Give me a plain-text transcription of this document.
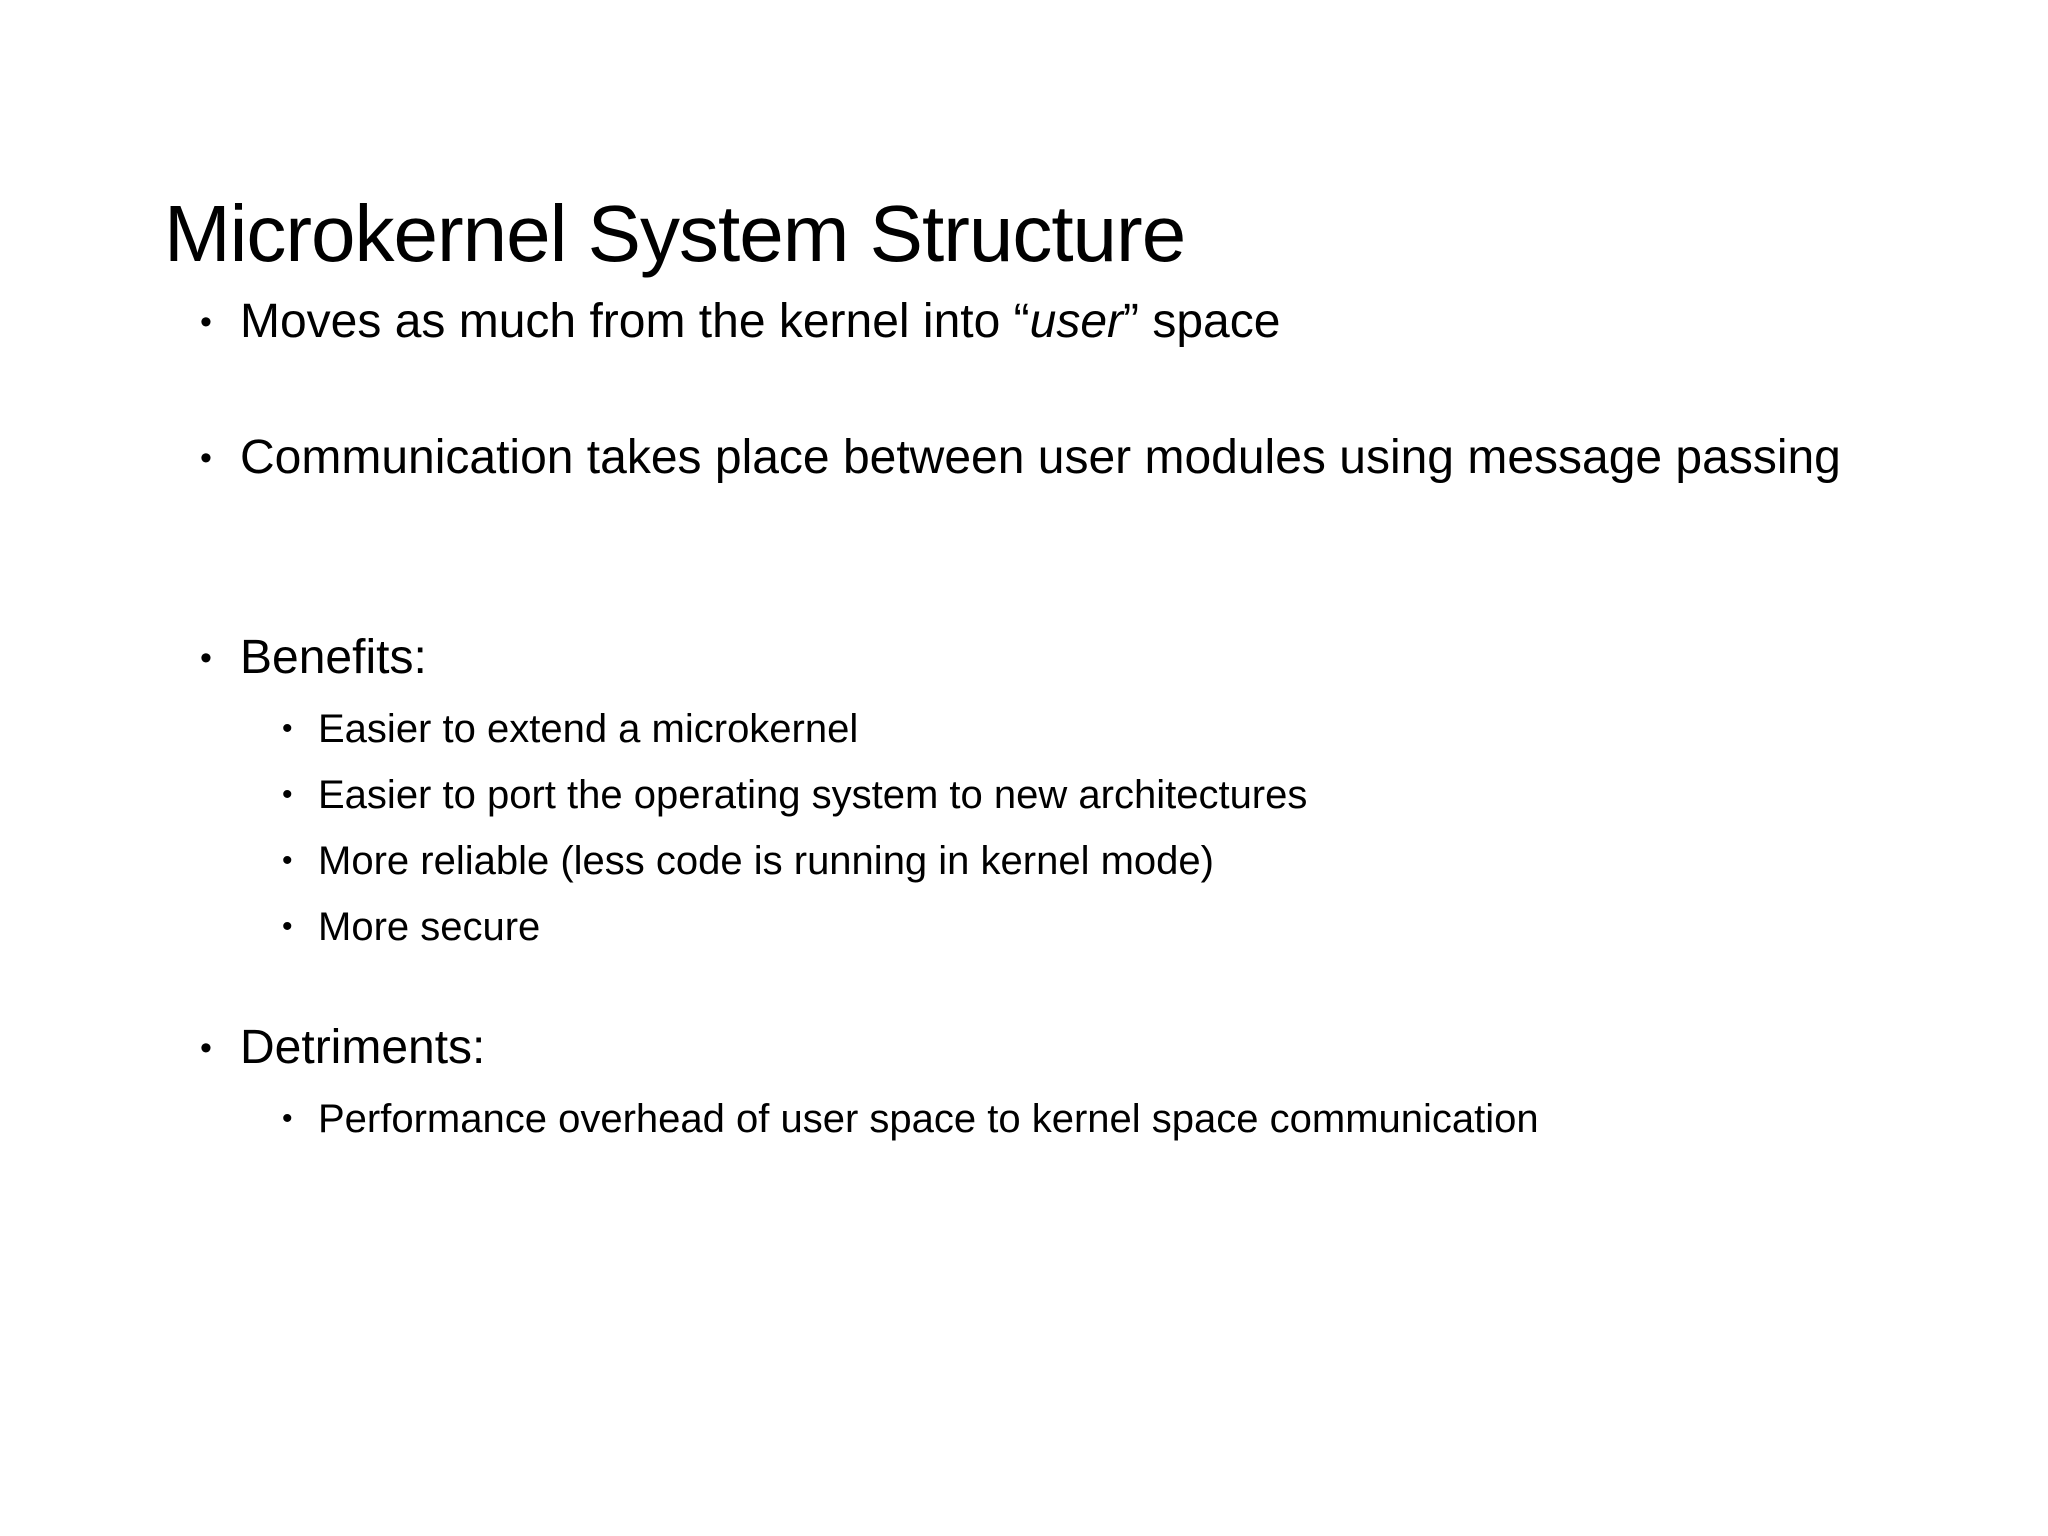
Microkernel System Structure
• Moves as much from the kernel into “user” space
• Communication takes place between user modules using message passing
• Benefits:
• Easier to extend a microkernel
• Easier to port the operating system to new architectures
• More reliable (less code is running in kernel mode)
• More secure
• Detriments:
• Performance overhead of user space to kernel space communication
